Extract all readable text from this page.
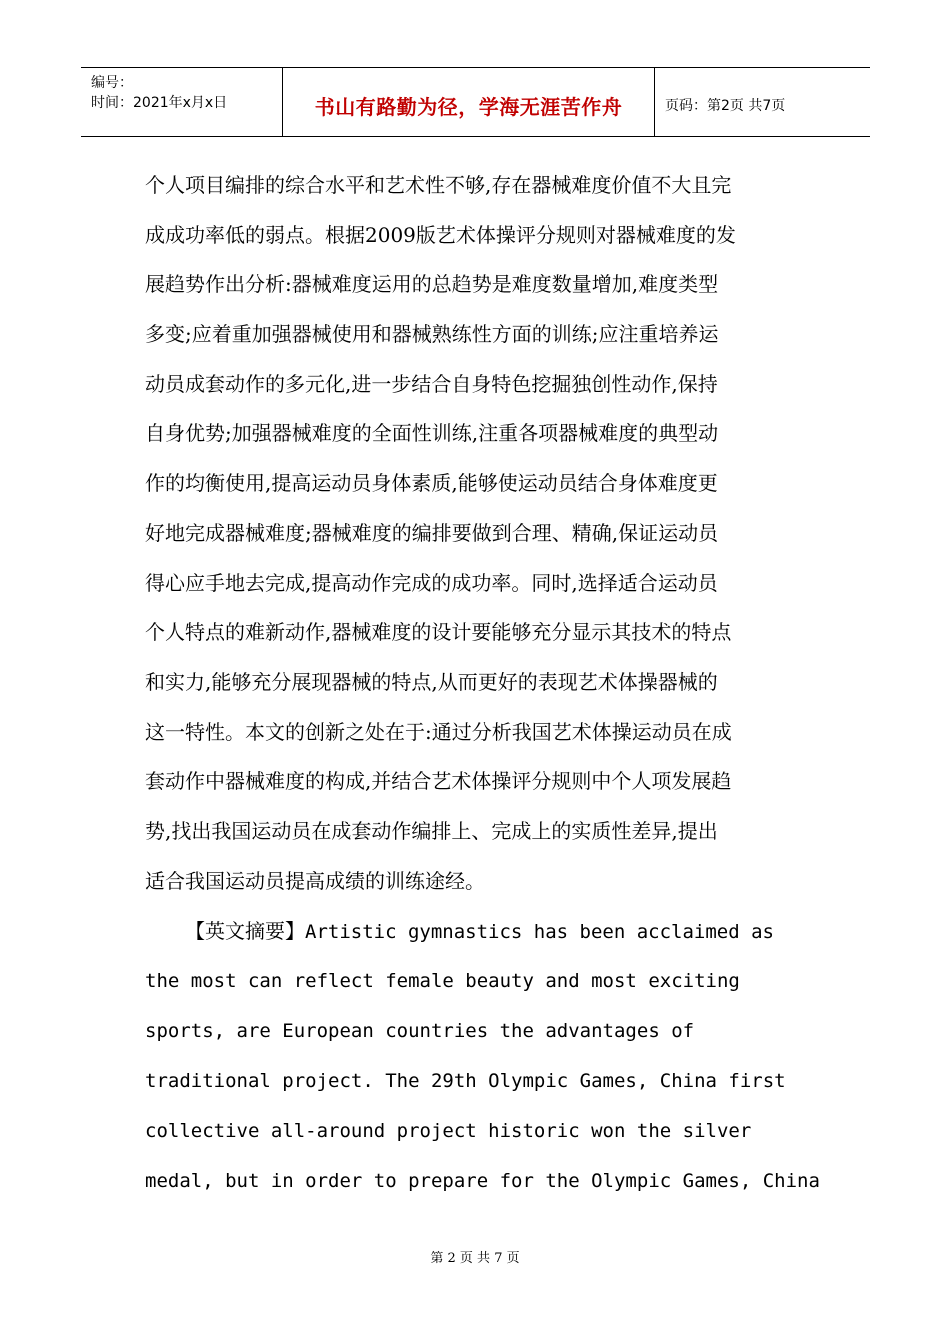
编号：
时间：2021年x月x日	书山有路勤为径，学海无涯苦作舟	页码：第2页 共7页
个人项目编排的综合水平和艺术性不够,存在器械难度价值不大且完
成成功率低的弱点。根据2009版艺术体操评分规则对器械难度的发
展趋势作出分析:器械难度运用的总趋势是难度数量增加,难度类型
多变;应着重加强器械使用和器械熟练性方面的训练;应注重培养运
动员成套动作的多元化,进一步结合自身特色挖掘独创性动作,保持
自身优势;加强器械难度的全面性训练,注重各项器械难度的典型动
作的均衡使用,提高运动员身体素质,能够使运动员结合身体难度更
好地完成器械难度;器械难度的编排要做到合理、精确,保证运动员
得心应手地去完成,提高动作完成的成功率。同时,选择适合运动员
个人特点的难新动作,器械难度的设计要能够充分显示其技术的特点
和实力,能够充分展现器械的特点,从而更好的表现艺术体操器械的
这一特性。本文的创新之处在于:通过分析我国艺术体操运动员在成
套动作中器械难度的构成,并结合艺术体操评分规则中个人项发展趋
势,找出我国运动员在成套动作编排上、完成上的实质性差异,提出
适合我国运动员提高成绩的训练途经。
【英文摘要】Artistic gymnastics has been acclaimed as
the most can reflect female beauty and most exciting
sports, are European countries the advantages of
traditional project. The 29th Olympic Games, China first
collective all-around project historic won the silver
medal, but in order to prepare for the Olympic Games, China
第 2 页 共 7 页
